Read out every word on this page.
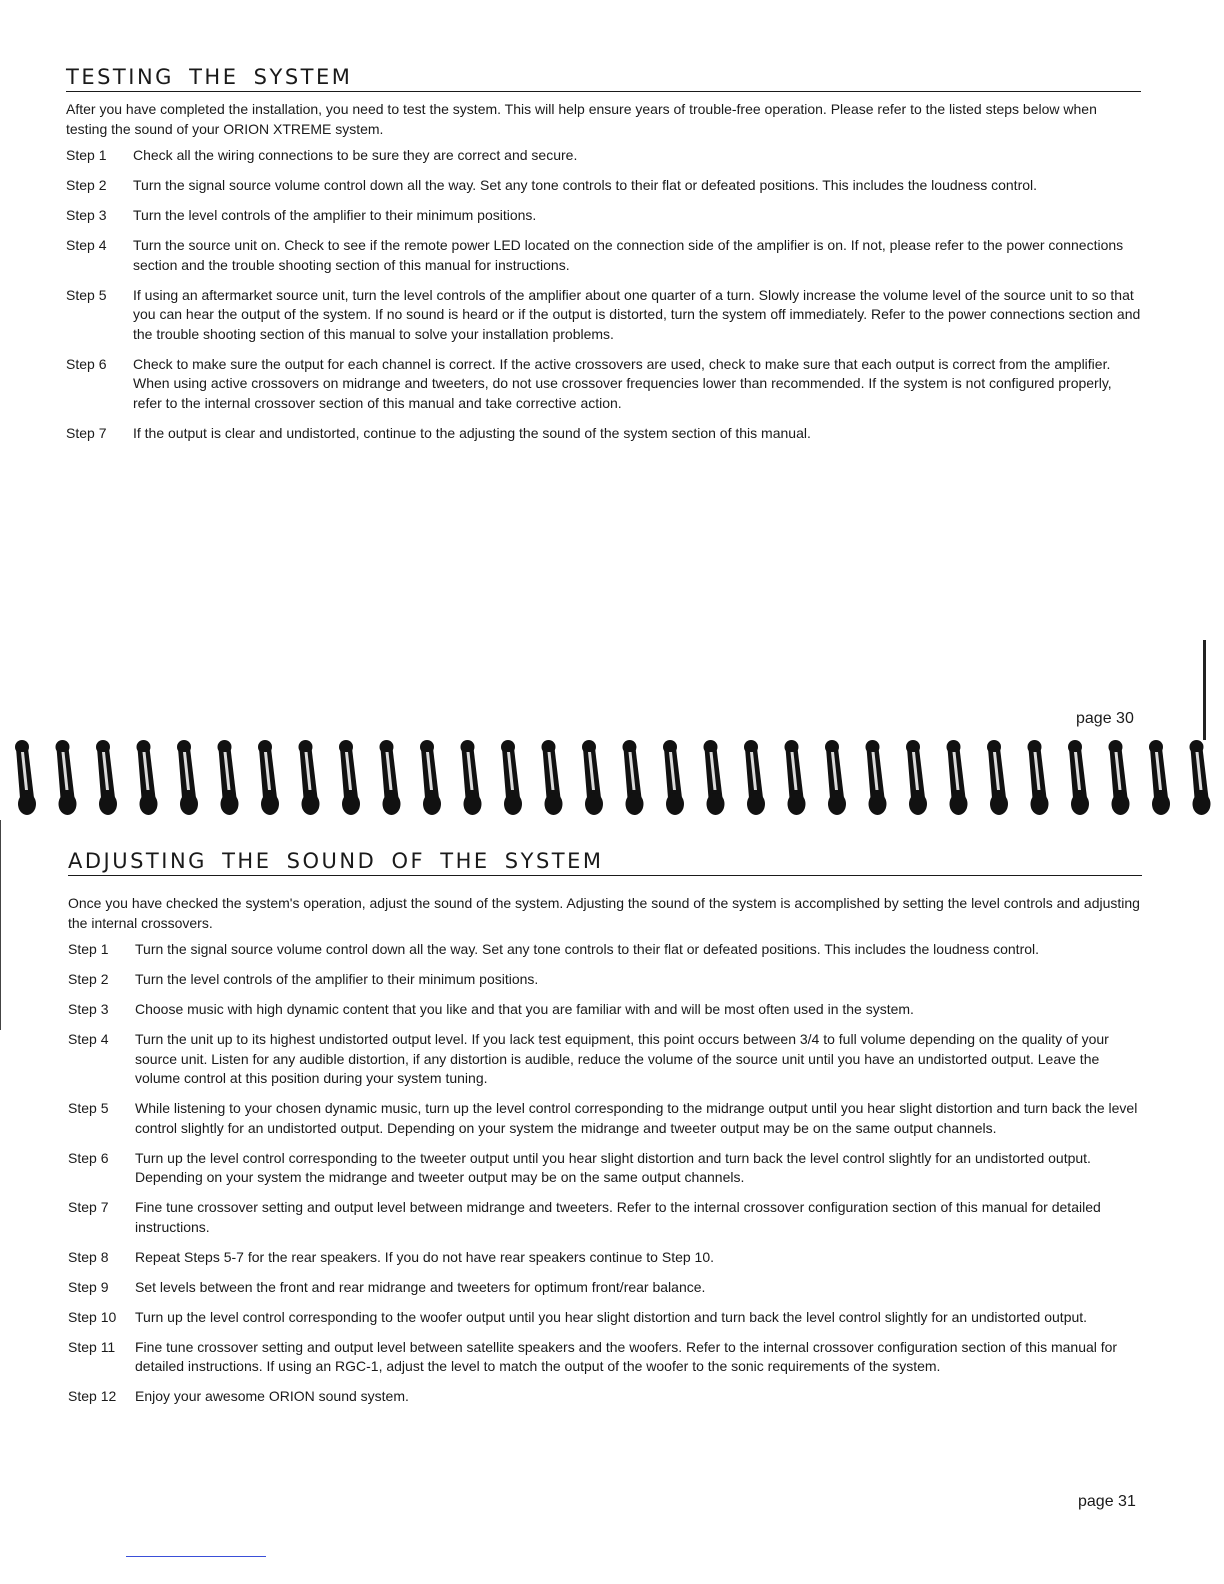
TESTING THE SYSTEM

After you have completed the installation, you need to test the system. This will help ensure years of trouble-free operation. Please refer to the listed steps below when testing the sound of your ORION XTREME system.

Step 1	Check all the wiring connections to be sure they are correct and secure.
Step 2	Turn the signal source volume control down all the way. Set any tone controls to their flat or defeated positions. This includes the loudness control.
Step 3	Turn the level controls of the amplifier to their minimum positions.
Step 4	Turn the source unit on. Check to see if the remote power LED located on the connection side of the amplifier is on. If not, please refer to the power connections section and the trouble shooting section of this manual for instructions.
Step 5	If using an aftermarket source unit, turn the level controls of the amplifier about one quarter of a turn. Slowly increase the volume level of the source unit to so that you can hear the output of the system. If no sound is heard or if the output is distorted, turn the system off immediately. Refer to the power connections section and the trouble shooting section of this manual to solve your installation problems.
Step 6	Check to make sure the output for each channel is correct. If the active crossovers are used, check to make sure that each output is correct from the amplifier. When using active crossovers on midrange and tweeters, do not use crossover frequencies lower than recommended. If the system is not configured properly, refer to the internal crossover section of this manual and take corrective action.
Step 7	If the output is clear and undistorted, continue to the adjusting the sound of the system section of this manual.
page 30
ADJUSTING THE SOUND OF THE SYSTEM

Once you have checked the system's operation, adjust the sound of the system. Adjusting the sound of the system is accomplished by setting the level controls and adjusting the internal crossovers.

Step 1	Turn the signal source volume control down all the way. Set any tone controls to their flat or defeated positions. This includes the loudness control.
Step 2	Turn the level controls of the amplifier to their minimum positions.
Step 3	Choose music with high dynamic content that you like and that you are familiar with and will be most often used in the system.
Step 4	Turn the unit up to its highest undistorted output level. If you lack test equipment, this point occurs between 3/4 to full volume depending on the quality of your source unit. Listen for any audible distortion, if any distortion is audible, reduce the volume of the source unit until you have an undistorted output. Leave the volume control at this position during your system tuning.
Step 5	While listening to your chosen dynamic music, turn up the level control corresponding to the midrange output until you hear slight distortion and turn back the level control slightly for an undistorted output. Depending on your system the midrange and tweeter output may be on the same output channels.
Step 6	Turn up the level control corresponding to the tweeter output until you hear slight distortion and turn back the level control slightly for an undistorted output. Depending on your system the midrange and tweeter output may be on the same output channels.
Step 7	Fine tune crossover setting and output level between midrange and tweeters. Refer to the internal crossover configuration section of this manual for detailed instructions.
Step 8	Repeat Steps 5-7 for the rear speakers. If you do not have rear speakers continue to Step 10.
Step 9	Set levels between the front and rear midrange and tweeters for optimum front/rear balance.
Step 10	Turn up the level control corresponding to the woofer output until you hear slight distortion and turn back the level control slightly for an undistorted output.
Step 11	Fine tune crossover setting and output level between satellite speakers and the woofers. Refer to the internal crossover configuration section of this manual for detailed instructions. If using an RGC-1, adjust the level to match the output of the woofer to the sonic requirements of the system.
Step 12	Enjoy your awesome ORION sound system.
page 31
